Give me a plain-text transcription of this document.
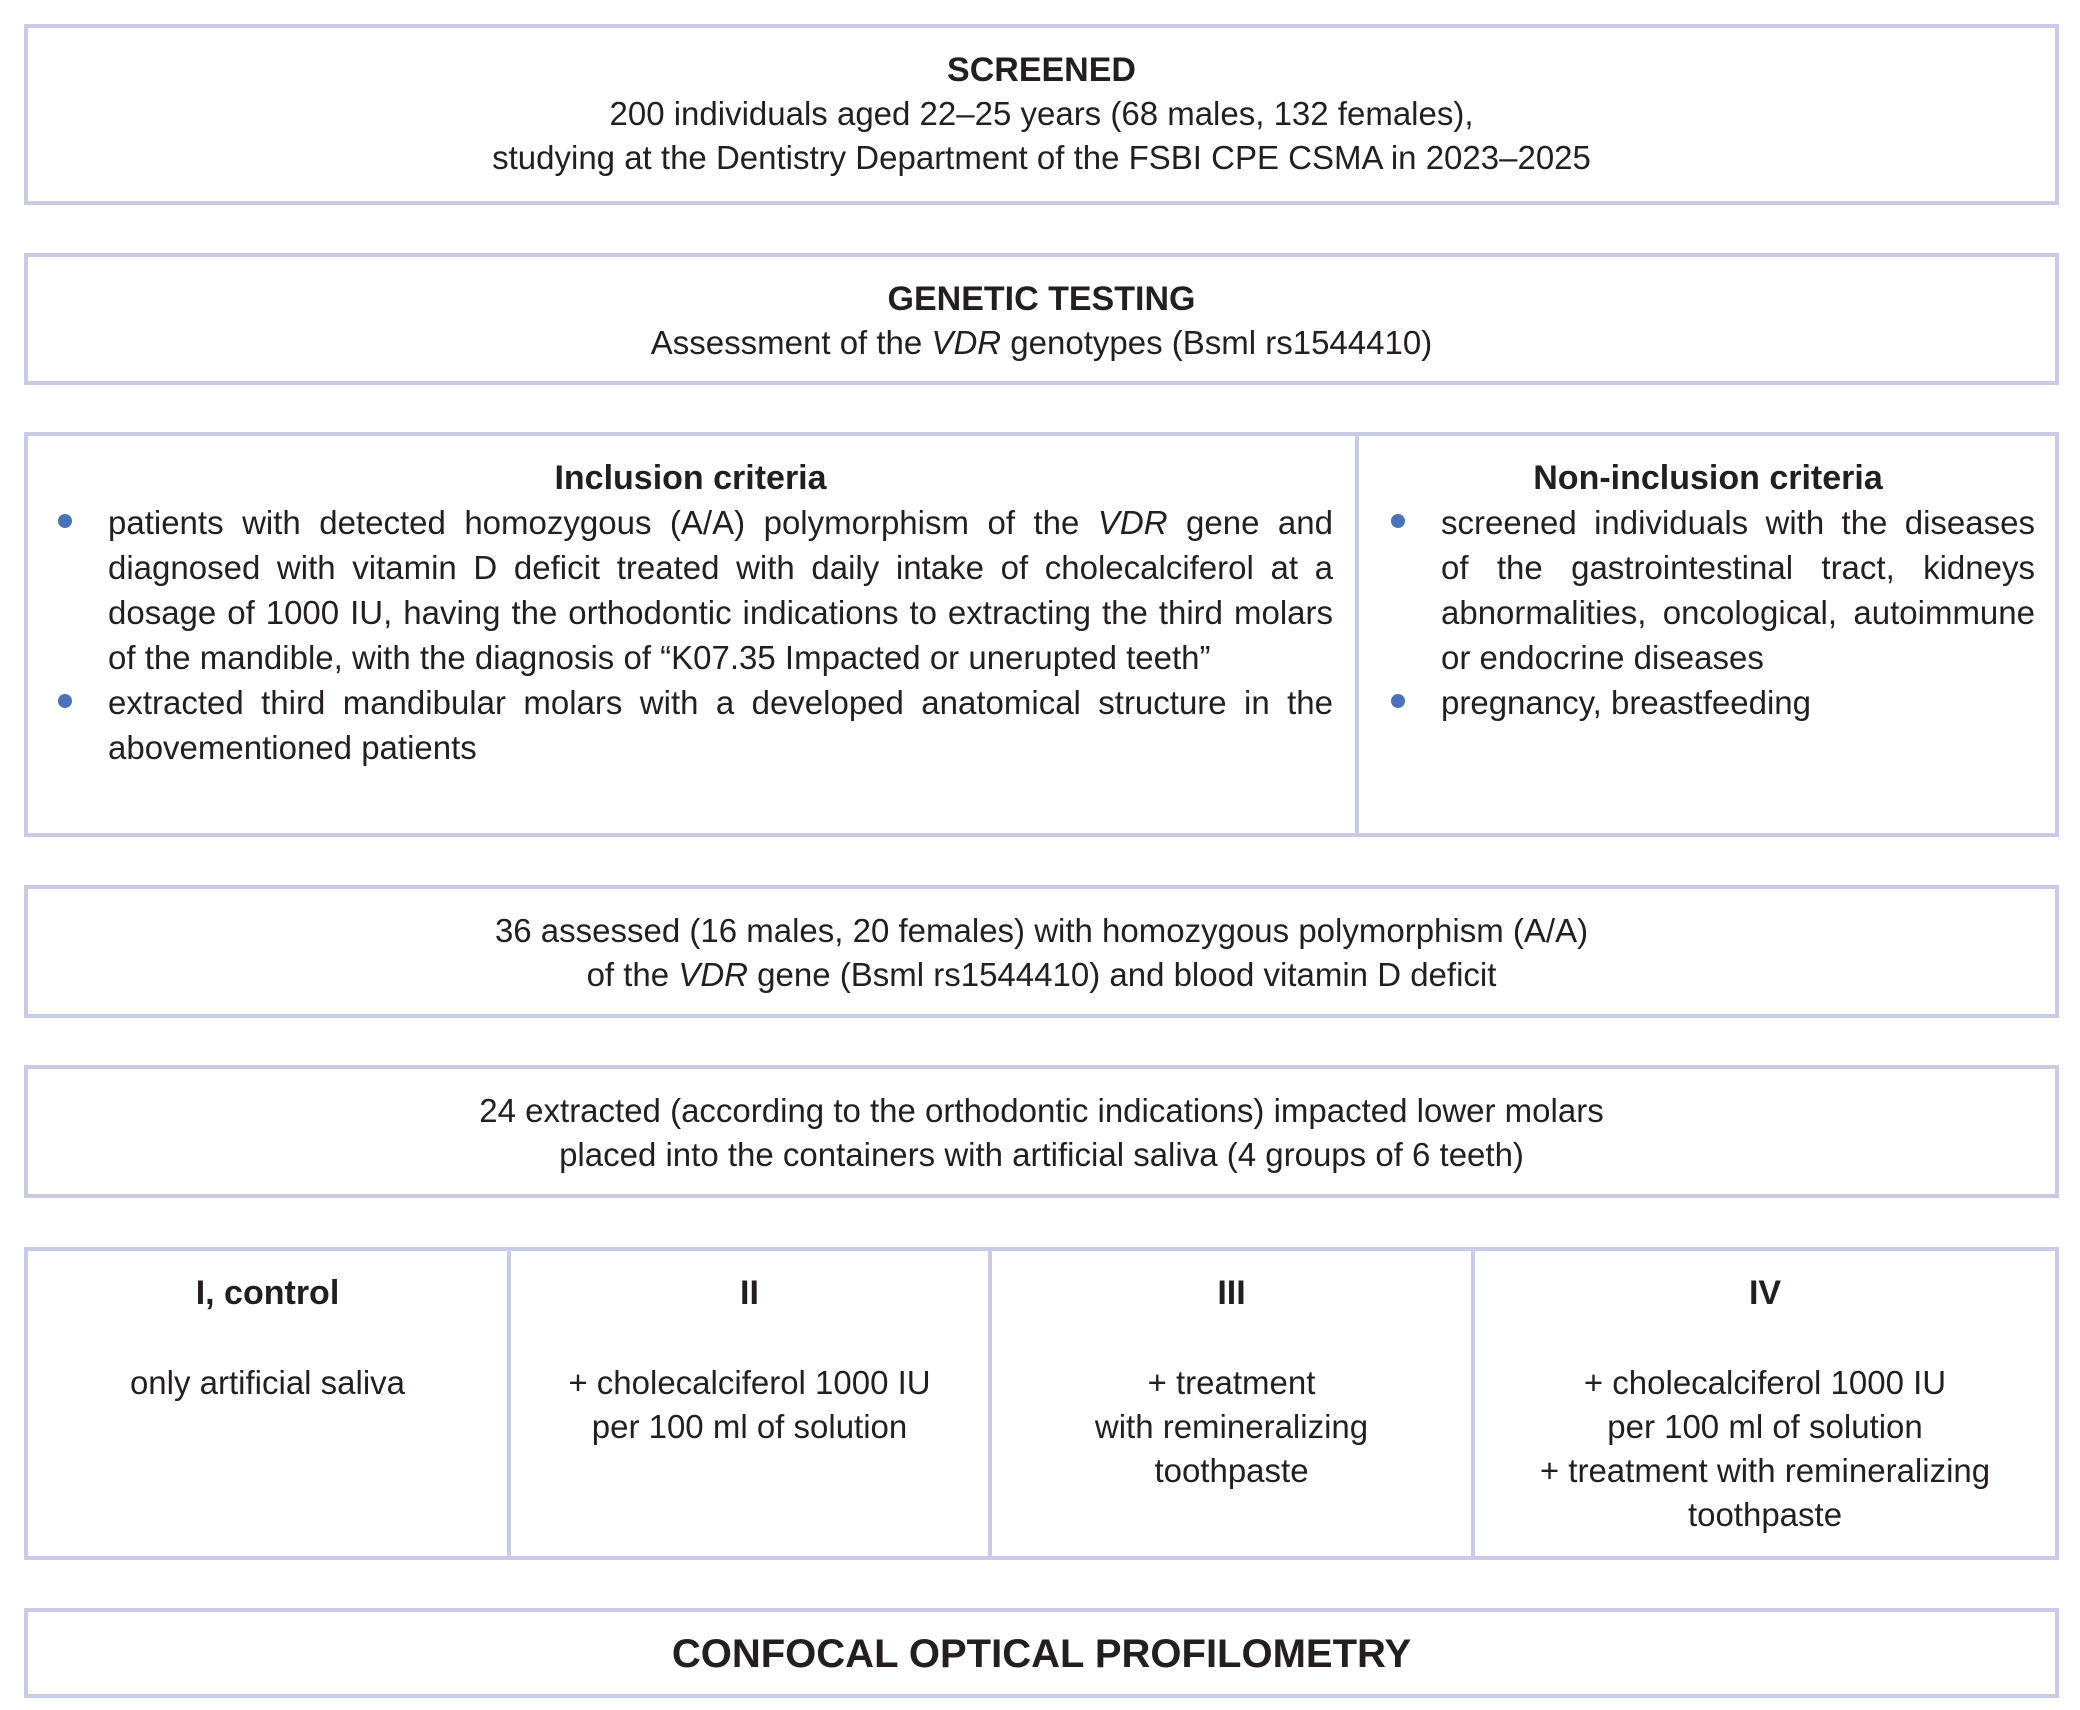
SCREENED
200 individuals aged 22–25 years (68 males, 132 females),
studying at the Dentistry Department of the FSBI CPE CSMA in 2023–2025
GENETIC TESTING
Assessment of the VDR genotypes (Bsml rs1544410)
Inclusion criteria
patients with detected homozygous (A/A) polymorphism of the VDR gene and diagnosed with vitamin D deficit treated with daily intake of cholecalciferol at a dosage of 1000 IU, having the orthodontic indications to extracting the third molars of the mandible, with the diagnosis of “K07.35 Impacted or unerupted teeth”
extracted third mandibular molars with a developed anatomical structure in the abovementioned patients
Non-inclusion criteria
screened individuals with the diseases of the gastrointestinal tract, kidneys abnormalities, oncological, autoimmune or endocrine diseases
pregnancy, breastfeeding
36 assessed (16 males, 20 females) with homozygous polymorphism (A/A)
of the VDR gene (Bsml rs1544410) and blood vitamin D deficit
24 extracted (according to the orthodontic indications) impacted lower molars
placed into the containers with artificial saliva (4 groups of 6 teeth)
I, control
only artificial saliva
II
+ cholecalciferol 1000 IU
per 100 ml of solution
III
+ treatment
with remineralizing
toothpaste
IV
+ cholecalciferol 1000 IU
per 100 ml of solution
+ treatment with remineralizing
toothpaste
CONFOCAL OPTICAL PROFILOMETRY
